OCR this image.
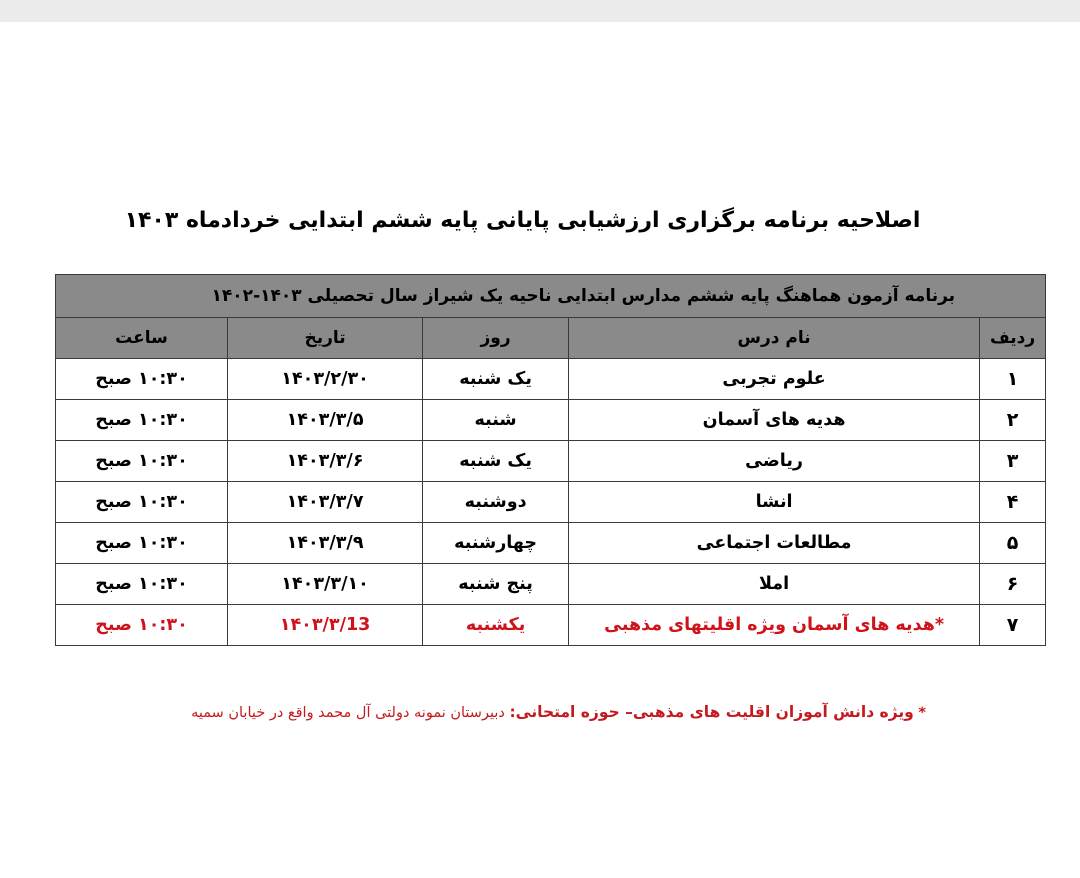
اصلاحیه برنامه برگزاری ارزشیابی پایانی پایه ششم ابتدایی خردادماه ۱۴۰۳
برنامه آزمون هماهنگ پایه ششم مدارس ابتدایی ناحیه یک شیراز سال تحصیلی ۱۴۰۳-۱۴۰۲				
ردیف	نام درس	روز	تاریخ	ساعت
۱	علوم تجربی	یک شنبه	۱۴۰۳/۲/۳۰	۱۰:۳۰ صبح
۲	هدیه های آسمان	شنبه	۱۴۰۳/۳/۵	۱۰:۳۰ صبح
۳	ریاضی	یک شنبه	۱۴۰۳/۳/۶	۱۰:۳۰ صبح
۴	انشا	دوشنبه	۱۴۰۳/۳/۷	۱۰:۳۰ صبح
۵	مطالعات اجتماعی	چهارشنبه	۱۴۰۳/۳/۹	۱۰:۳۰ صبح
۶	املا	پنج شنبه	۱۴۰۳/۳/۱۰	۱۰:۳۰ صبح
۷	*هدیه های آسمان ویژه اقلیتهای مذهبی	یکشنبه	۱۴۰۳/۳/13	۱۰:۳۰ صبح
* ویژه دانش آموزان اقلیت های مذهبی– حوزه امتحانی: دبیرستان نمونه دولتی آل محمد واقع در خیابان سمیه
